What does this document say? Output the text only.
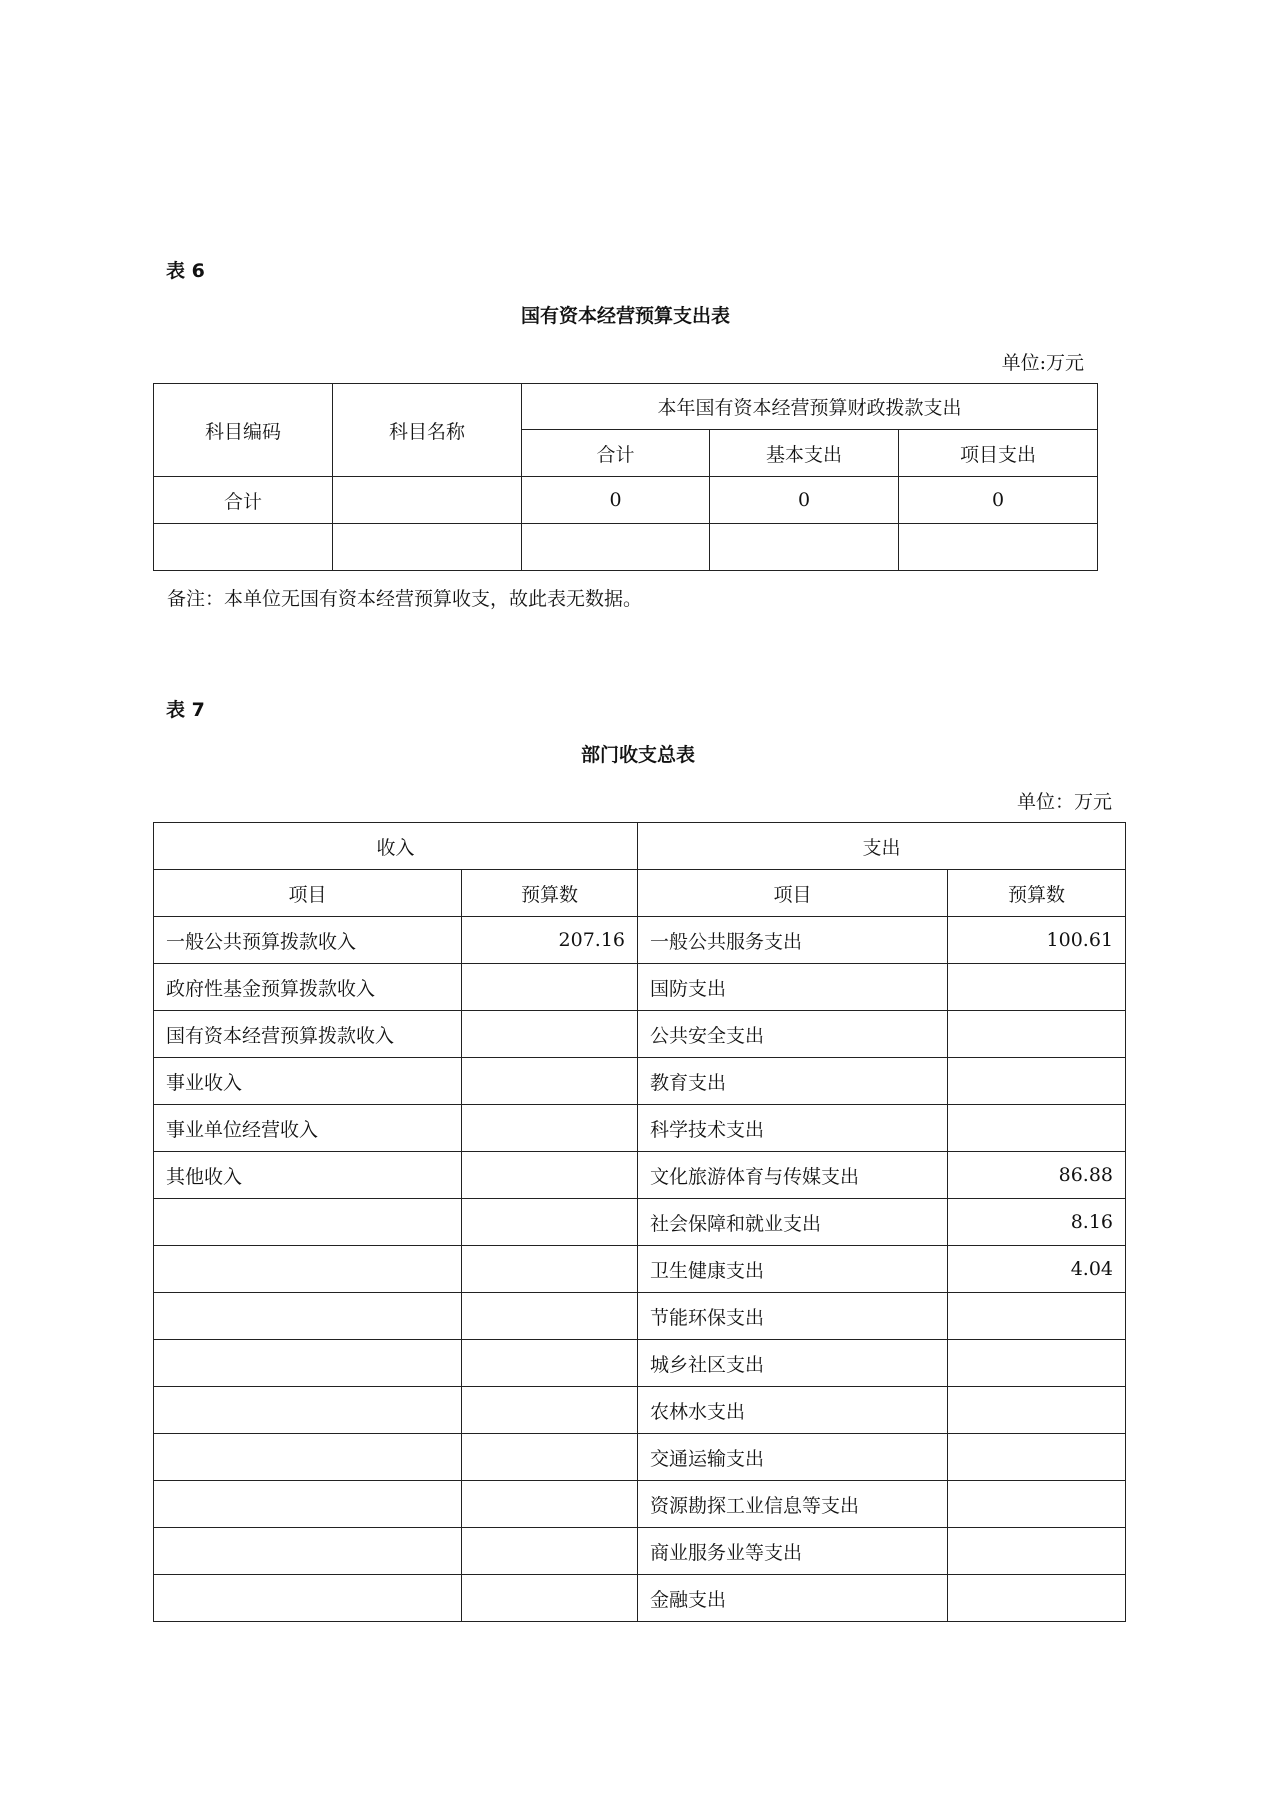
表 6
国有资本经营预算支出表
单位:万元
科目编码	科目名称	本年国有资本经营预算财政拨款支出		
		合计	基本支出	项目支出
合计		0	0	0

备注：本单位无国有资本经营预算收支，故此表无数据。
表 7
部门收支总表
单位：万元
收入		支出	
项目	预算数	项目	预算数
一般公共预算拨款收入	207.16	一般公共服务支出	100.61
政府性基金预算拨款收入		国防支出	
国有资本经营预算拨款收入		公共安全支出	
事业收入		教育支出	
事业单位经营收入		科学技术支出	
其他收入		文化旅游体育与传媒支出	86.88
		社会保障和就业支出	8.16
		卫生健康支出	4.04
		节能环保支出	
		城乡社区支出	
		农林水支出	
		交通运输支出	
		资源勘探工业信息等支出	
		商业服务业等支出	
		金融支出	
